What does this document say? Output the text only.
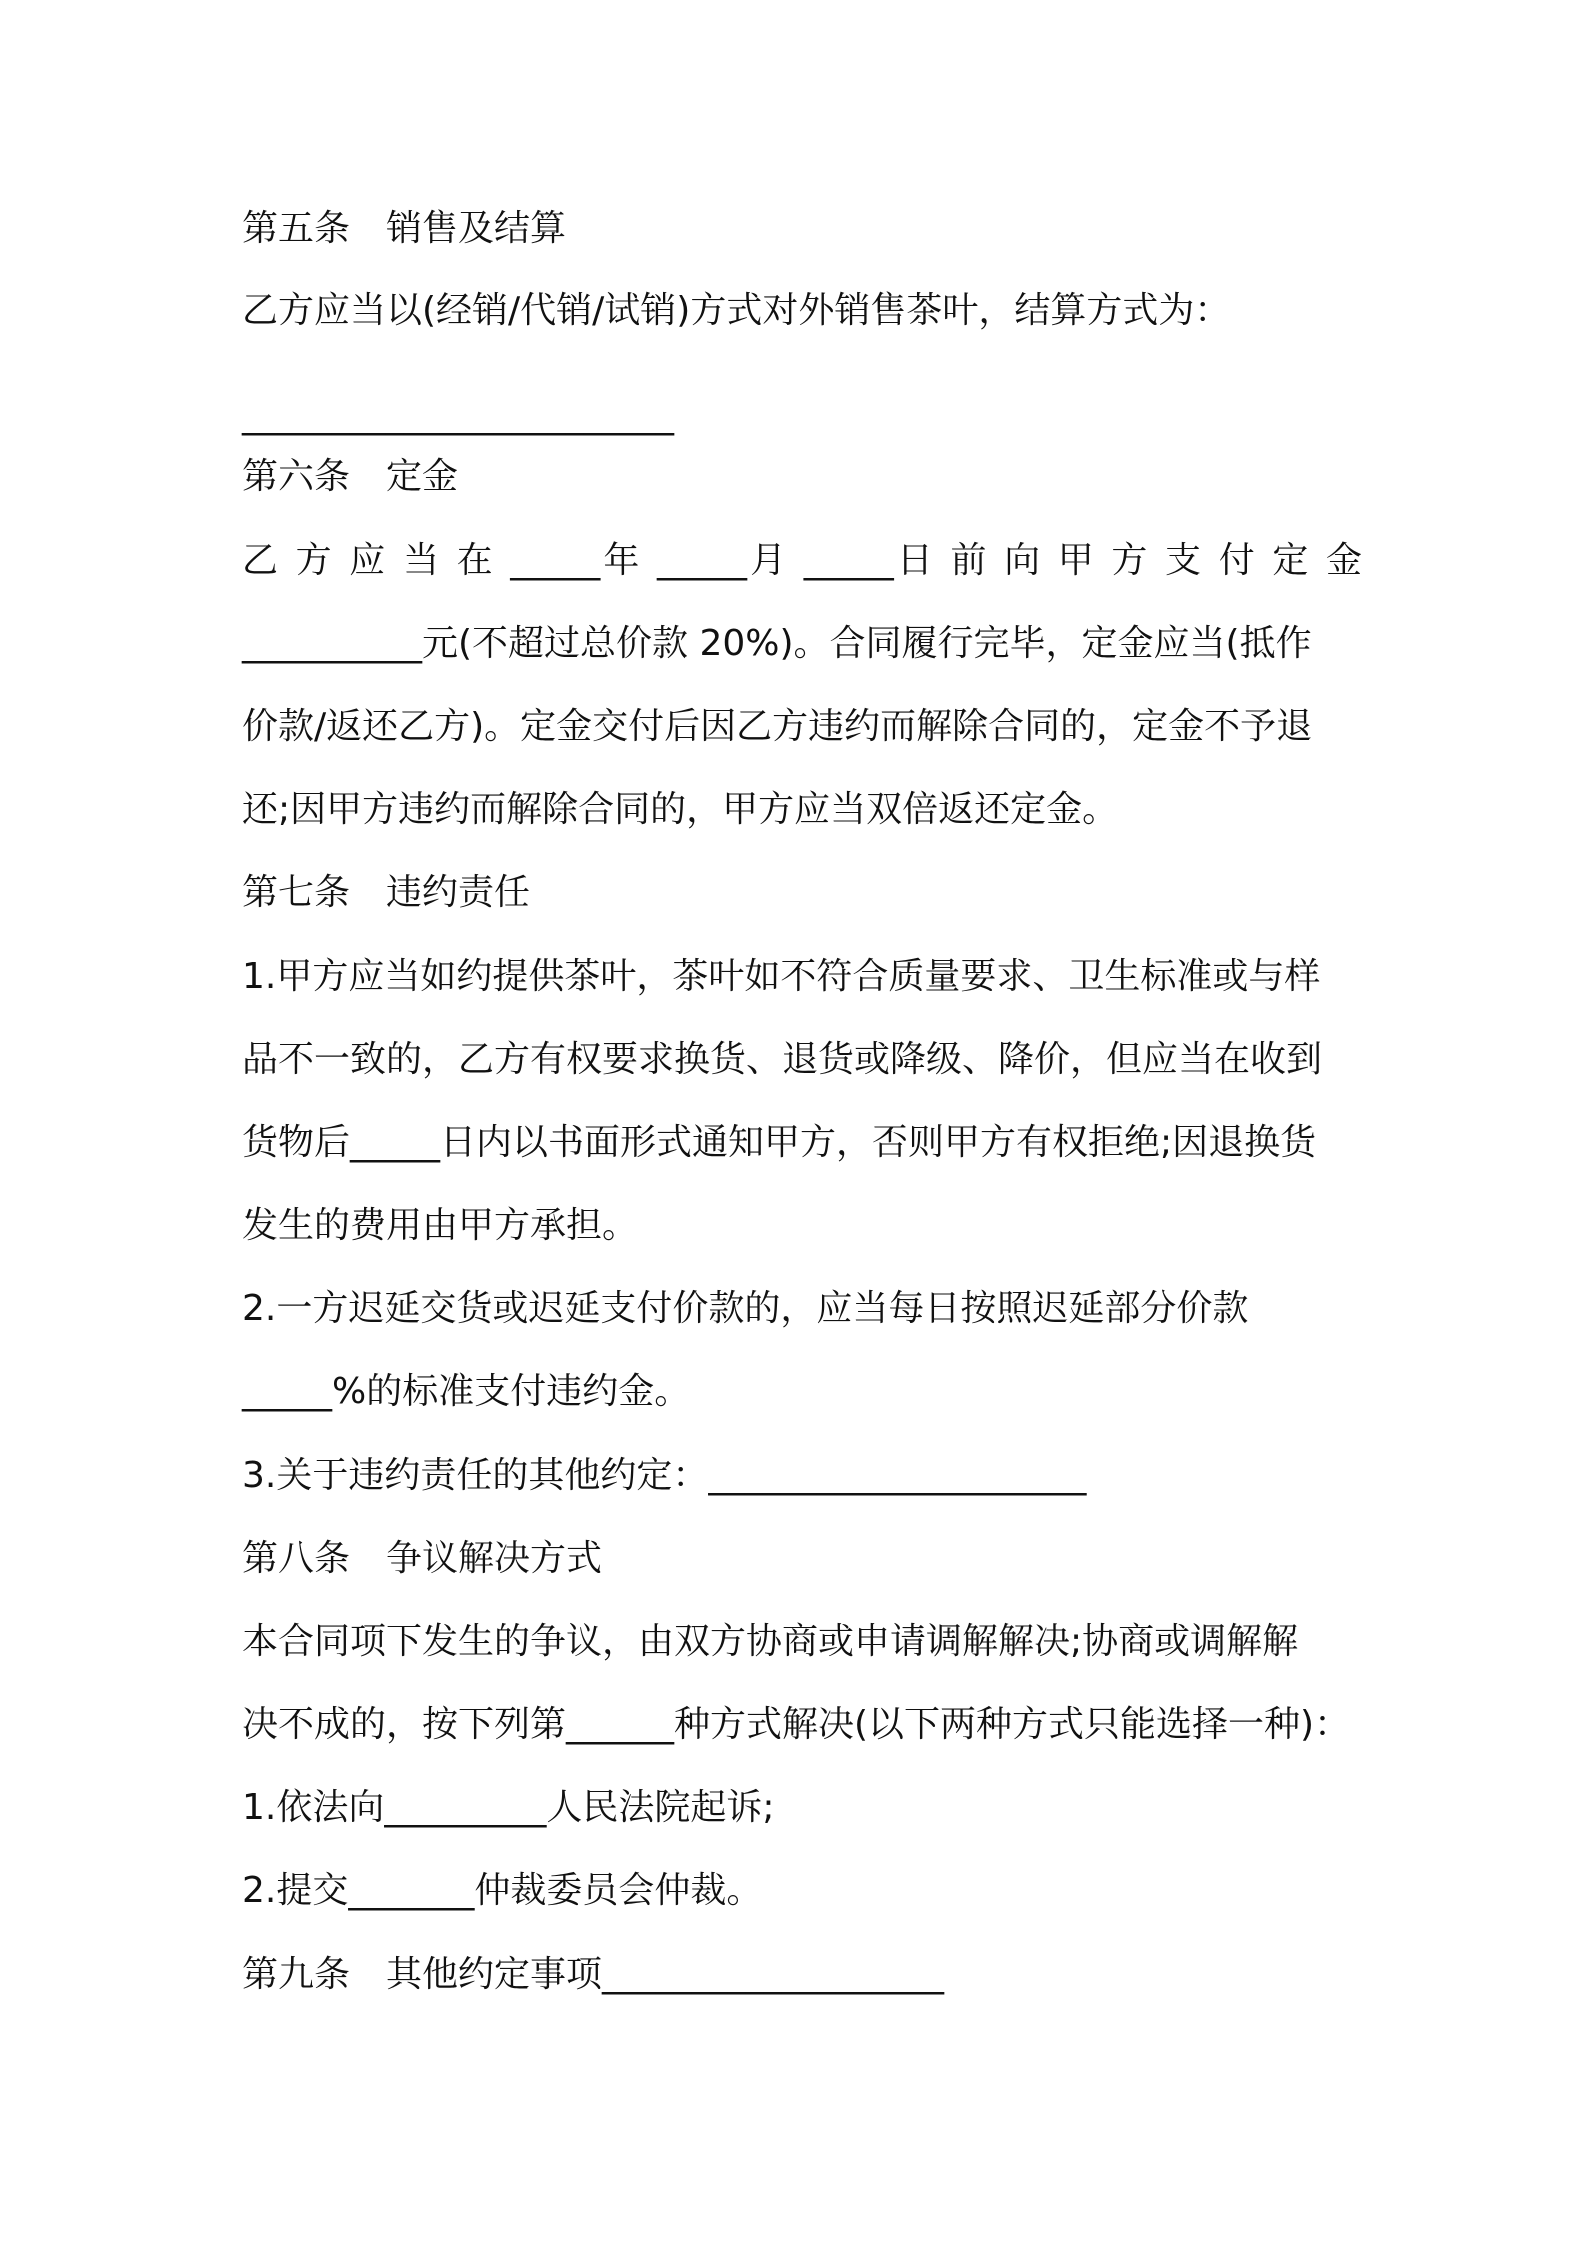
第五条　销售及结算
乙方应当以(经销/代销/试销)方式对外销售茶叶，结算方式为：
________________________
第六条　定金
乙 方 应 当 在 _____年 _____月 _____日 前 向 甲 方 支 付 定 金
__________元(不超过总价款 20%)。合同履行完毕，定金应当(抵作
价款/返还乙方)。定金交付后因乙方违约而解除合同的，定金不予退
还;因甲方违约而解除合同的，甲方应当双倍返还定金。
第七条　违约责任
1.甲方应当如约提供茶叶，茶叶如不符合质量要求、卫生标准或与样
品不一致的，乙方有权要求换货、退货或降级、降价，但应当在收到
货物后_____日内以书面形式通知甲方，否则甲方有权拒绝;因退换货
发生的费用由甲方承担。
2.一方迟延交货或迟延支付价款的，应当每日按照迟延部分价款
_____%的标准支付违约金。
3.关于违约责任的其他约定：_____________________
第八条　争议解决方式
本合同项下发生的争议，由双方协商或申请调解解决;协商或调解解
决不成的，按下列第______种方式解决(以下两种方式只能选择一种)：
1.依法向_________人民法院起诉;
2.提交_______仲裁委员会仲裁。
第九条　其他约定事项___________________
